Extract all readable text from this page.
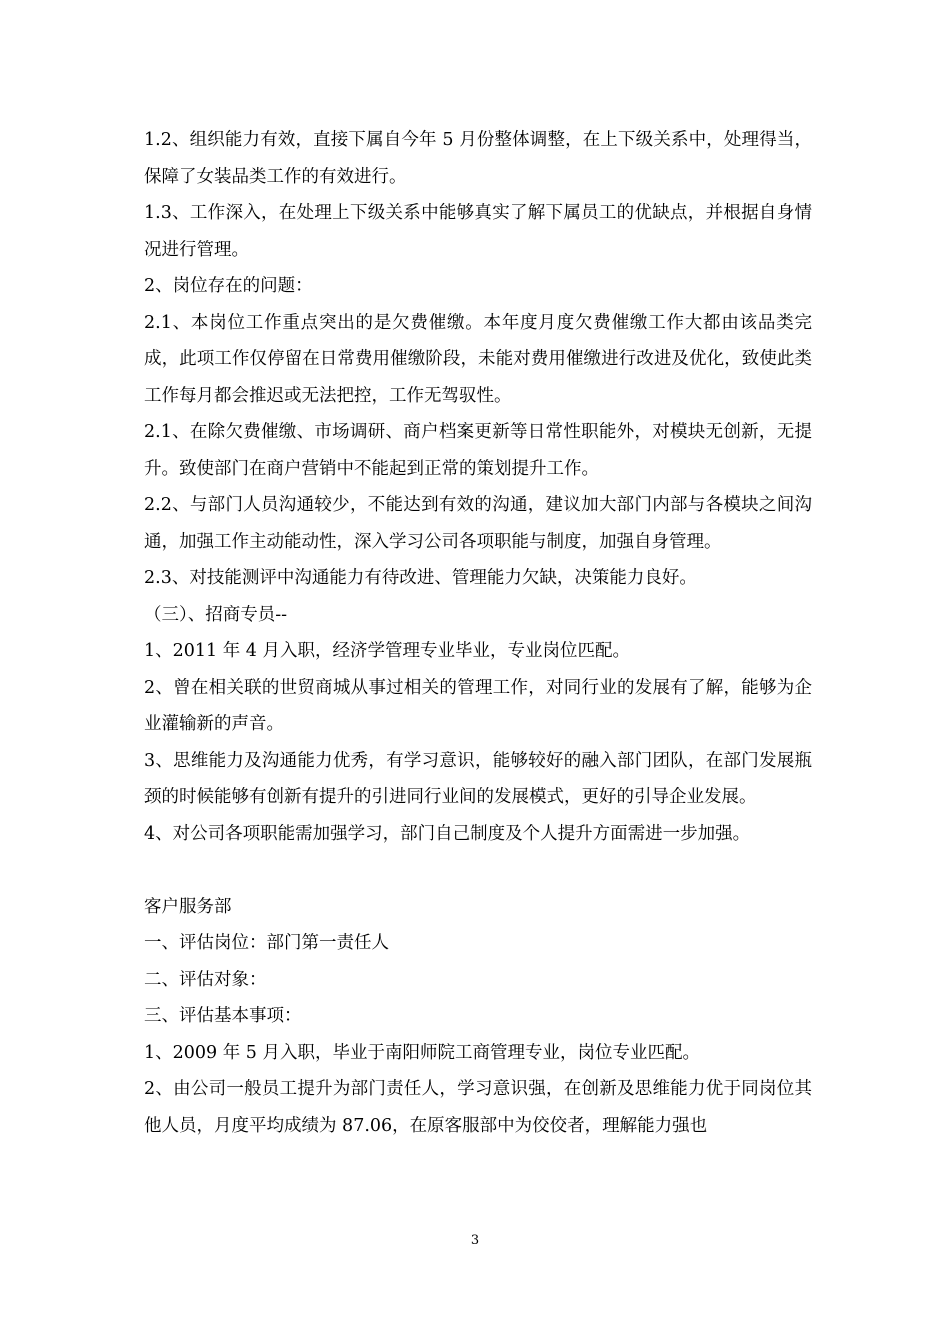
1.2、组织能力有效，直接下属自今年 5 月份整体调整，在上下级关系中，处理得当，保障了女装品类工作的有效进行。

1.3、工作深入，在处理上下级关系中能够真实了解下属员工的优缺点，并根据自身情况进行管理。

2、岗位存在的问题：

2.1、本岗位工作重点突出的是欠费催缴。本年度月度欠费催缴工作大都由该品类完成，此项工作仅停留在日常费用催缴阶段，未能对费用催缴进行改进及优化，致使此类工作每月都会推迟或无法把控，工作无驾驭性。

2.1、在除欠费催缴、市场调研、商户档案更新等日常性职能外，对模块无创新，无提升。致使部门在商户营销中不能起到正常的策划提升工作。

2.2、与部门人员沟通较少，不能达到有效的沟通，建议加大部门内部与各模块之间沟通，加强工作主动能动性，深入学习公司各项职能与制度，加强自身管理。

2.3、对技能测评中沟通能力有待改进、管理能力欠缺，决策能力良好。

（三）、招商专员--

1、2011 年 4 月入职，经济学管理专业毕业，专业岗位匹配。

2、曾在相关联的世贸商城从事过相关的管理工作，对同行业的发展有了解，能够为企业灌输新的声音。

3、思维能力及沟通能力优秀，有学习意识，能够较好的融入部门团队，在部门发展瓶颈的时候能够有创新有提升的引进同行业间的发展模式，更好的引导企业发展。

4、对公司各项职能需加强学习，部门自己制度及个人提升方面需进一步加强。

客户服务部

一、评估岗位：部门第一责任人

二、评估对象：

三、评估基本事项：

1、2009 年 5 月入职，毕业于南阳师院工商管理专业，岗位专业匹配。

2、由公司一般员工提升为部门责任人，学习意识强，在创新及思维能力优于同岗位其他人员，月度平均成绩为 87.06，在原客服部中为佼佼者，理解能力强也

3
